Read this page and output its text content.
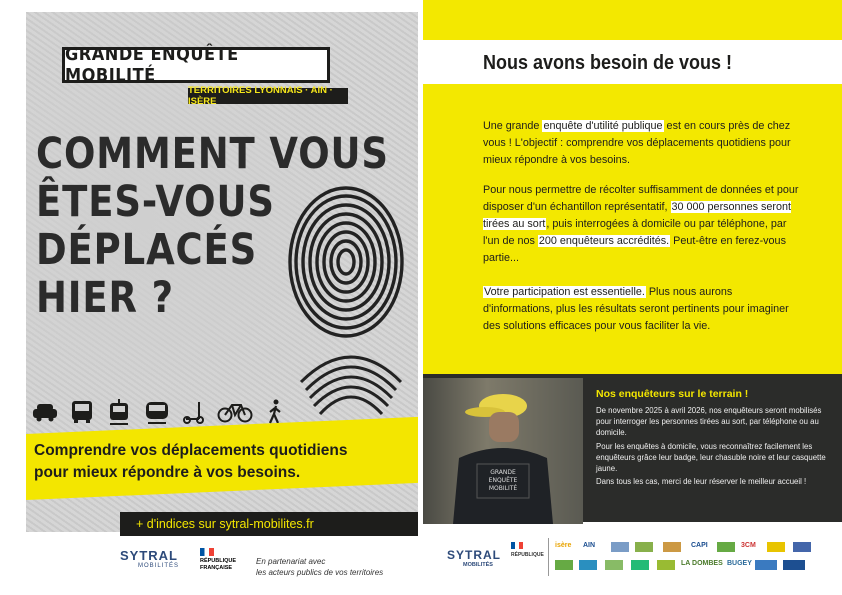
GRANDE ENQUÊTE MOBILITÉ
TERRITOIRES LYONNAIS · AIN · ISÈRE
COMMENT VOUS
ÊTES-VOUS
DÉPLACÉS
HIER ?
Comprendre vos déplacements quotidiens
pour mieux répondre à vos besoins.
+ d'indices sur sytral-mobilites.fr
SYTRAL
MOBILITÉS
RÉPUBLIQUE
FRANÇAISE
En partenariat avec
les acteurs publics de vos territoires
Nous avons besoin de vous !
Une grande enquête d'utilité publique est en cours près de chez vous ! L'objectif : comprendre vos déplacements quotidiens pour mieux répondre à vos besoins.
Pour nous permettre de récolter suffisamment de données et pour disposer d'un échantillon représentatif, 30 000 personnes seront tirées au sort, puis interrogées à domicile ou par téléphone, par l'un de nos 200 enquêteurs accrédités. Peut-être en ferez-vous partie...
Votre participation est essentielle. Plus nous aurons d'informations, plus les résultats seront pertinents pour imaginer des solutions efficaces pour vous faciliter la vie.
GRANDE
ENQUÊTE
MOBILITÉ
Nos enquêteurs sur le terrain !
De novembre 2025 à avril 2026, nos enquêteurs seront mobilisés pour interroger les personnes tirées au sort, par téléphone ou au domicile.
Pour les enquêtes à domicile, vous reconnaîtrez facilement les enquêteurs grâce leur badge, leur chasuble noire et leur casquette jaune.
Dans tous les cas, merci de leur réserver le meilleur accueil !
SYTRAL
MOBILITÉS
RÉPUBLIQUE
isère AIN	CAPI	3CM
LA DOMBES BUGEY
